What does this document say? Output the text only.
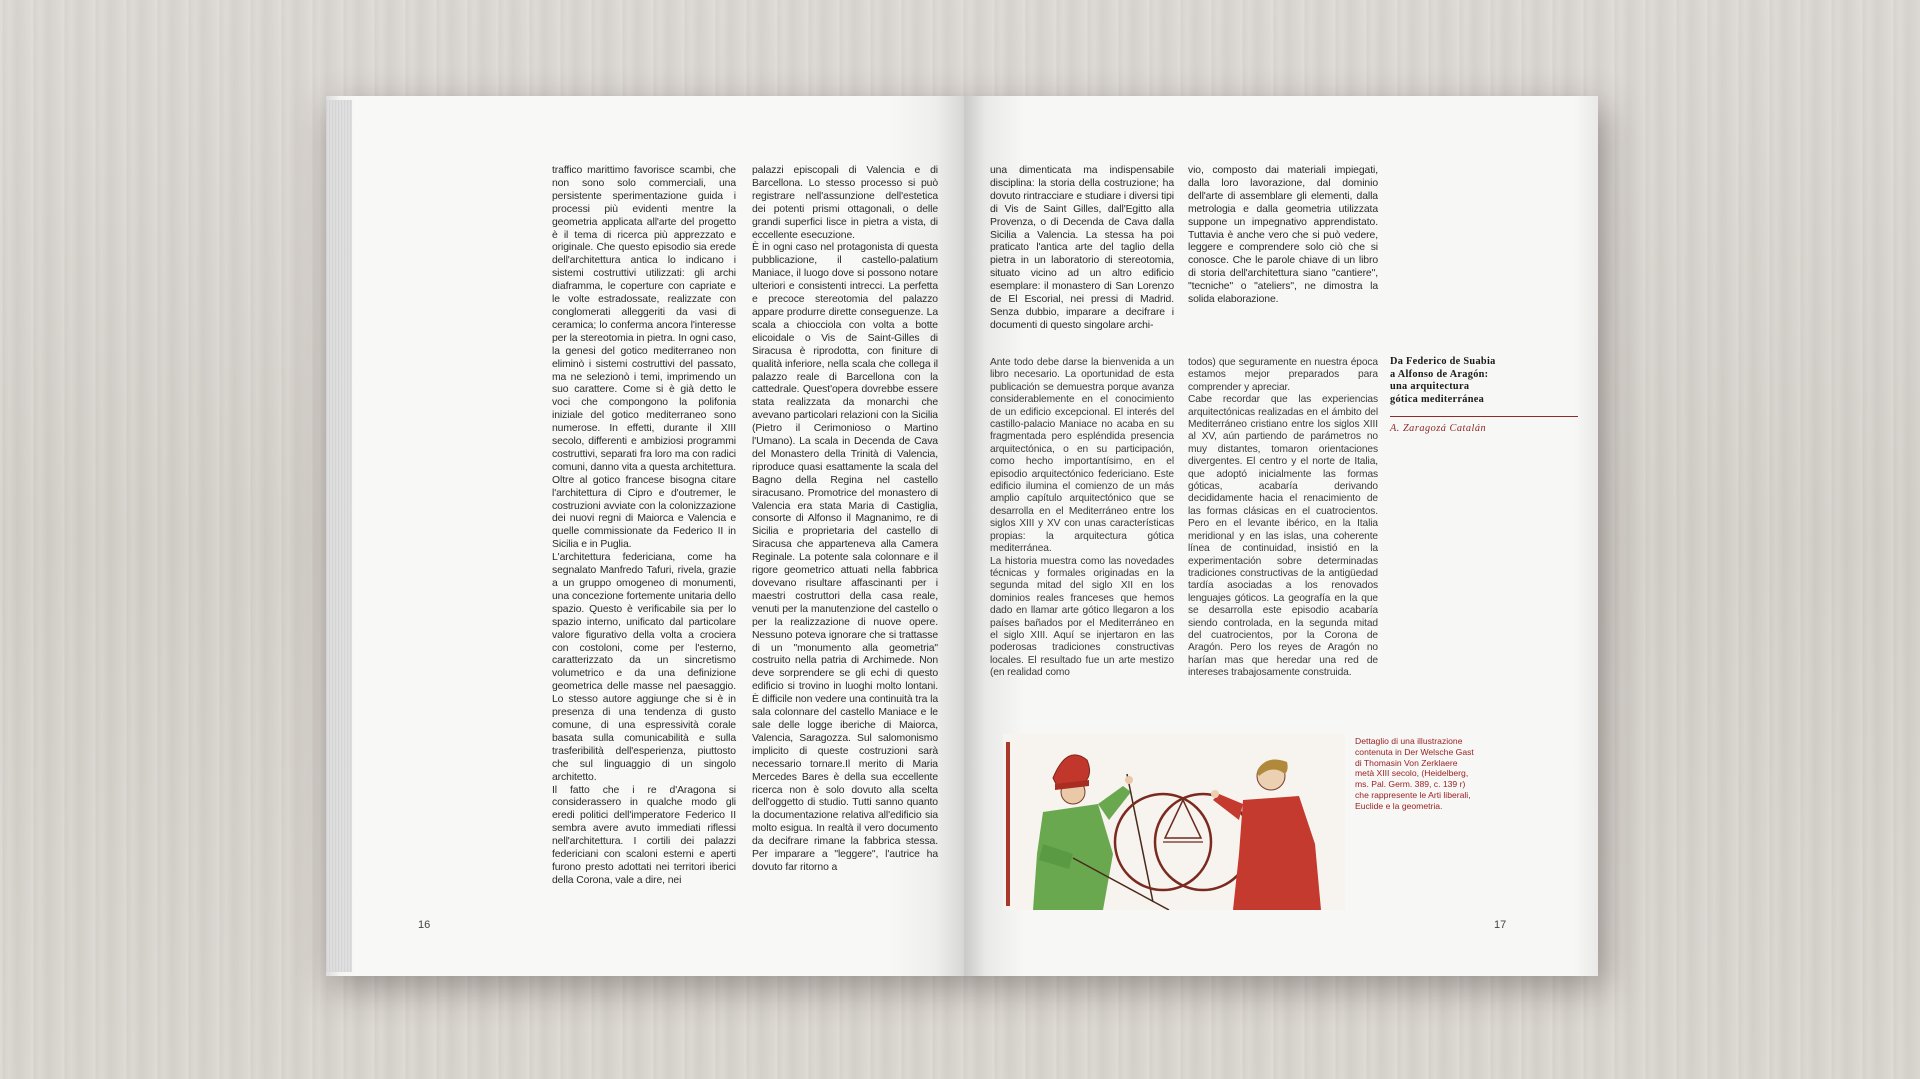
traffico marittimo favorisce scambi, che non sono solo commerciali, una persistente sperimentazione guida i processi più evidenti mentre la geometria applicata all'arte del progetto è il tema di ricerca più apprezzato e originale. Che questo episodio sia erede dell'architettura antica lo indicano i sistemi costruttivi utilizzati: gli archi diaframma, le coperture con capriate e le volte estradossate, realizzate con conglomerati alleggeriti da vasi di ceramica; lo conferma ancora l'interesse per la stereotomia in pietra. In ogni caso, la genesi del gotico mediterraneo non eliminò i sistemi costruttivi del passato, ma ne selezionò i temi, imprimendo un suo carattere. Come si è già detto le voci che compongono la polifonia iniziale del gotico mediterraneo sono numerose. In effetti, durante il XIII secolo, differenti e ambiziosi programmi costruttivi, separati fra loro ma con radici comuni, danno vita a questa architettura. Oltre al gotico francese bisogna citare l'architettura di Cipro e d'outremer, le costruzioni avviate con la colonizzazione dei nuovi regni di Maiorca e Valencia e quelle commissionate da Federico II in Sicilia e in Puglia.
L'architettura federiciana, come ha segnalato Manfredo Tafuri, rivela, grazie a un gruppo omogeneo di monumenti, una concezione fortemente unitaria dello spazio. Questo è verificabile sia per lo spazio interno, unificato dal particolare valore figurativo della volta a crociera con costoloni, come per l'esterno, caratterizzato da un sincretismo volumetrico e da una definizione geometrica delle masse nel paesaggio. Lo stesso autore aggiunge che si è in presenza di una tendenza di gusto comune, di una espressività corale basata sulla comunicabilità e sulla trasferibilità dell'esperienza, piuttosto che sul linguaggio di un singolo architetto.
Il fatto che i re d'Aragona si considerassero in qualche modo gli eredi politici dell'imperatore Federico II sembra avere avuto immediati riflessi nell'architettura. I cortili dei palazzi federiciani con scaloni esterni e aperti furono presto adottati nei territori iberici della Corona, vale a dire, nei
palazzi episcopali di Valencia e di Barcellona. Lo stesso processo si può registrare nell'assunzione dell'estetica dei potenti prismi ottagonali, o delle grandi superfici lisce in pietra a vista, di eccellente esecuzione.
È in ogni caso nel protagonista di questa pubblicazione, il castello-palatium Maniace, il luogo dove si possono notare ulteriori e consistenti intrecci. La perfetta e precoce stereotomia del palazzo appare produrre dirette conseguenze. La scala a chiocciola con volta a botte elicoidale o Vis de Saint-Gilles di Siracusa è riprodotta, con finiture di qualità inferiore, nella scala che collega il palazzo reale di Barcellona con la cattedrale. Quest'opera dovrebbe essere stata realizzata da monarchi che avevano particolari relazioni con la Sicilia (Pietro il Cerimonioso o Martino l'Umano). La scala in Decenda de Cava del Monastero della Trinità di Valencia, riproduce quasi esattamente la scala del Bagno della Regina nel castello siracusano. Promotrice del monastero di Valencia era stata Maria di Castiglia, consorte di Alfonso il Magnanimo, re di Sicilia e proprietaria del castello di Siracusa che apparteneva alla Camera Reginale. La potente sala colonnare e il rigore geometrico attuati nella fabbrica dovevano risultare affascinanti per i maestri costruttori della casa reale, venuti per la manutenzione del castello o per la realizzazione di nuove opere. Nessuno poteva ignorare che si trattasse di un "monumento alla geometria" costruito nella patria di Archimede. Non deve sorprendere se gli echi di questo edificio si trovino in luoghi molto lontani. È difficile non vedere una continuità tra la sala colonnare del castello Maniace e le sale delle logge iberiche di Maiorca, Valencia, Saragozza. Sul salomonismo implicito di queste costruzioni sarà necessario tornare.Il merito di Maria Mercedes Bares è della sua eccellente ricerca non è solo dovuto alla scelta dell'oggetto di studio. Tutti sanno quanto la documentazione relativa all'edificio sia molto esigua. In realtà il vero documento da decifrare rimane la fabbrica stessa. Per imparare a "leggere", l'autrice ha dovuto far ritorno a
16
una dimenticata ma indispensabile disciplina: la storia della costruzione; ha dovuto rintracciare e studiare i diversi tipi di Vis de Saint Gilles, dall'Egitto alla Provenza, o di Decenda de Cava dalla Sicilia a Valencia. La stessa ha poi praticato l'antica arte del taglio della pietra in un laboratorio di stereotomia, situato vicino ad un altro edificio esemplare: il monastero di San Lorenzo de El Escorial, nei pressi di Madrid. Senza dubbio, imparare a decifrare i documenti di questo singolare archi-
vio, composto dai materiali impiegati, dalla loro lavorazione, dal dominio dell'arte di assemblare gli elementi, dalla metrologia e dalla geometria utilizzata suppone un impegnativo apprendistato. Tuttavia è anche vero che si può vedere, leggere e comprendere solo ciò che si conosce. Che le parole chiave di un libro di storia dell'architettura siano "cantiere", "tecniche" o "ateliers", ne dimostra la solida elaborazione.
Ante todo debe darse la bienvenida a un libro necesario. La oportunidad de esta publicación se demuestra porque avanza considerablemente en el conocimiento de un edificio excepcional. El interés del castillo-palacio Maniace no acaba en su fragmentada pero espléndida presencia arquitectónica, o en su participación, como hecho importantísimo, en el episodio arquitectónico federiciano. Este edificio ilumina el comienzo de un más amplio capítulo arquitectónico que se desarrolla en el Mediterráneo entre los siglos XIII y XV con unas características propias: la arquitectura gótica mediterránea.
La historia muestra como las novedades técnicas y formales originadas en la segunda mitad del siglo XII en los dominios reales franceses que hemos dado en llamar arte gótico llegaron a los países bañados por el Mediterráneo en el siglo XIII. Aquí se injertaron en las poderosas tradiciones constructivas locales. El resultado fue un arte mestizo (en realidad como
todos) que seguramente en nuestra época estamos mejor preparados para comprender y apreciar.
Cabe recordar que las experiencias arquitectónicas realizadas en el ámbito del Mediterráneo cristiano entre los siglos XIII al XV, aún partiendo de parámetros no muy distantes, tomaron orientaciones divergentes. El centro y el norte de Italia, que adoptó inicialmente las formas góticas, acabaría derivando decididamente hacia el renacimiento de las formas clásicas en el cuatrocientos. Pero en el levante ibérico, en la Italia meridional y en las islas, una coherente línea de continuidad, insistió en la experimentación sobre determinadas tradiciones constructivas de la antigüedad tardía asociadas a los renovados lenguajes góticos. La geografía en la que se desarrolla este episodio acabaría siendo controlada, en la segunda mitad del cuatrocientos, por la Corona de Aragón. Pero los reyes de Aragón no harían mas que heredar una red de intereses trabajosamente construida.
Da Federico de Suabia
a Alfonso de Aragón:
una arquitectura
gótica mediterránea
A. Zaragozá Catalán
Dettaglio di una illustrazione contenuta in Der Welsche Gast di Thomasin Von Zerklaere metà XIII secolo, (Heidelberg, ms. Pal. Germ. 389, c. 139 r) che rappresente le Arti liberali, Euclide e la geometria.
17
